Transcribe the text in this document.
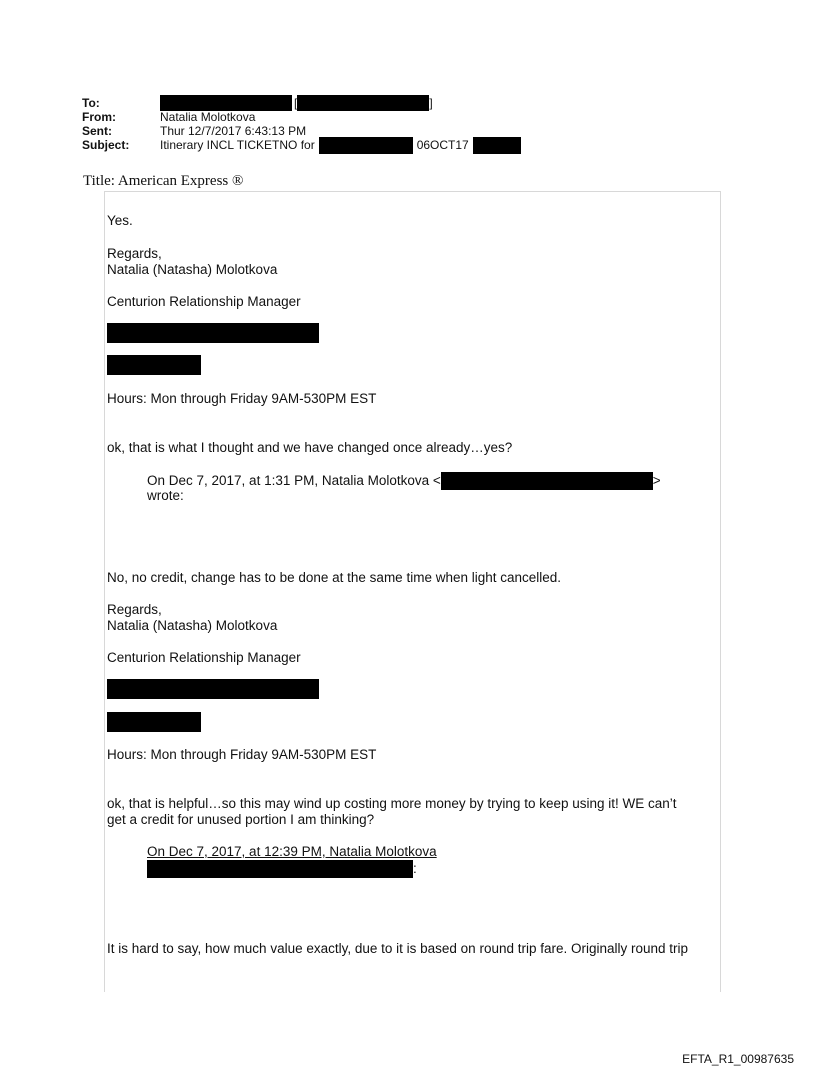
To:	[	]
From:	Natalia Molotkova
Sent:	Thur 12/7/2017 6:43:13 PM
Subject:	Itinerary INCL TICKETNO for	06OCT17
Title: American Express ®
Yes.
Regards,
Natalia (Natasha) Molotkova
Centurion Relationship Manager
Hours: Mon through Friday 9AM-530PM EST
ok, that is what I thought and we have changed once already…yes?
On Dec 7, 2017, at 1:31 PM, Natalia Molotkova <	>
wrote:
No, no credit, change has to be done at the same time when light cancelled.
Regards,
Natalia (Natasha) Molotkova
Centurion Relationship Manager
Hours: Mon through Friday 9AM-530PM EST
ok, that is helpful…so this may wind up costing more money by trying to keep using it! WE can’t
get a credit for unused portion I am thinking?
On Dec 7, 2017, at 12:39 PM, Natalia Molotkova
:
It is hard to say, how much value exactly, due to it is based on round trip fare. Originally round trip
EFTA_R1_00987635
